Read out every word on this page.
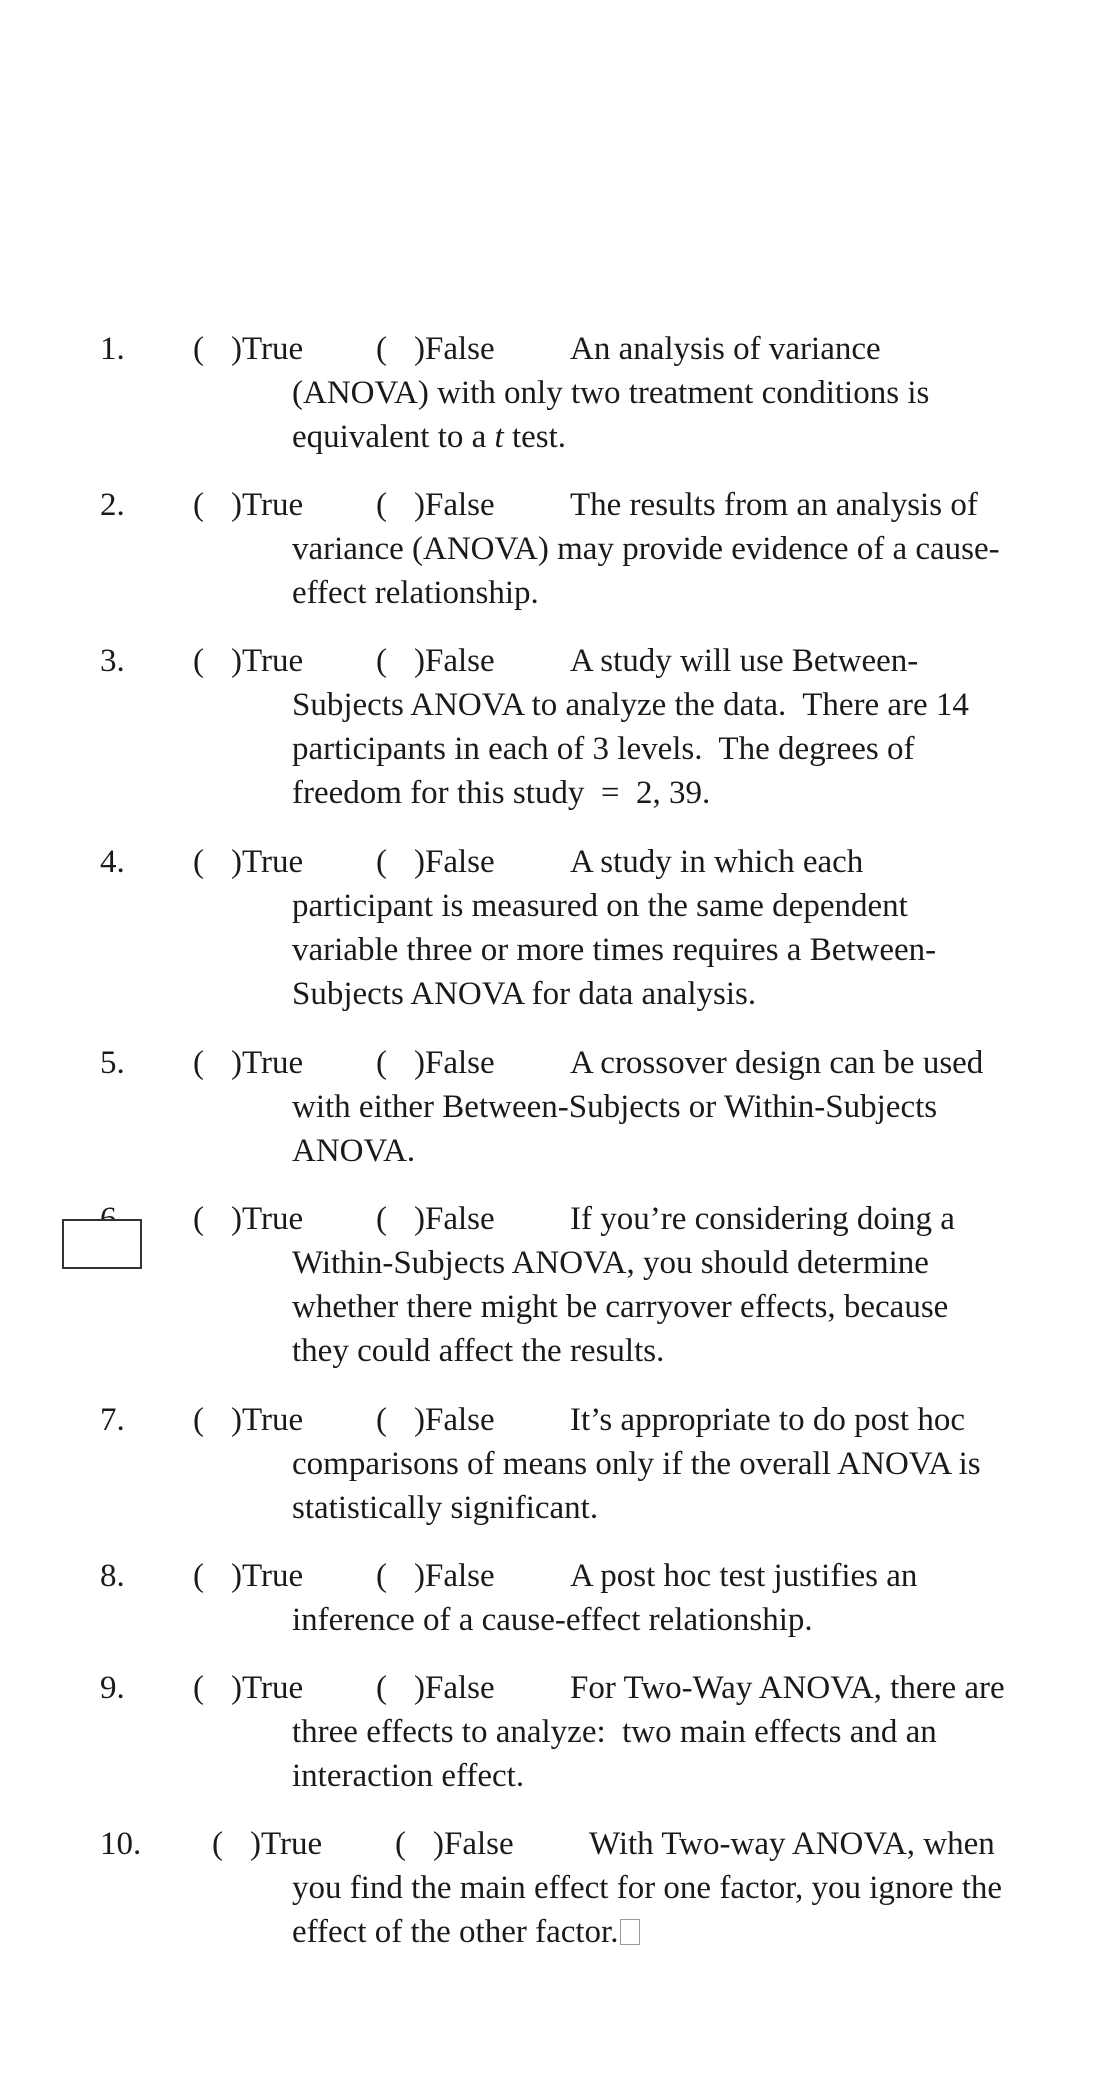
1. ( )True ( )False	An analysis of variance (ANOVA) with only two treatment conditions is equivalent to a t test.
2. ( )True ( )False	The results from an analysis of variance (ANOVA) may provide evidence of a cause-effect relationship.
3. ( )True ( )False	A study will use Between-Subjects ANOVA to analyze the data.  There are 14 participants in each of 3 levels.  The degrees of freedom for this study  =  2, 39.
4. ( )True ( )False	A study in which each participant is measured on the same dependent variable three or more times requires a Between-Subjects ANOVA for data analysis.
5. ( )True ( )False	A crossover design can be used with either Between-Subjects or Within-Subjects ANOVA.
( )True ( )False	If you’re considering doing a Within-Subjects ANOVA, you should determine whether there might be carryover effects, because they could affect the results.
7. ( )True ( )False	It’s appropriate to do post hoc comparisons of means only if the overall ANOVA is statistically significant.
8. ( )True ( )False	A post hoc test justifies an inference of a cause-effect relationship.
9. ( )True ( )False	For Two-Way ANOVA, there are three effects to analyze:  two main effects and an interaction effect.
10. ( )True ( )False	With Two-way ANOVA, when you find the main effect for one factor, you ignore the effect of the other factor.
